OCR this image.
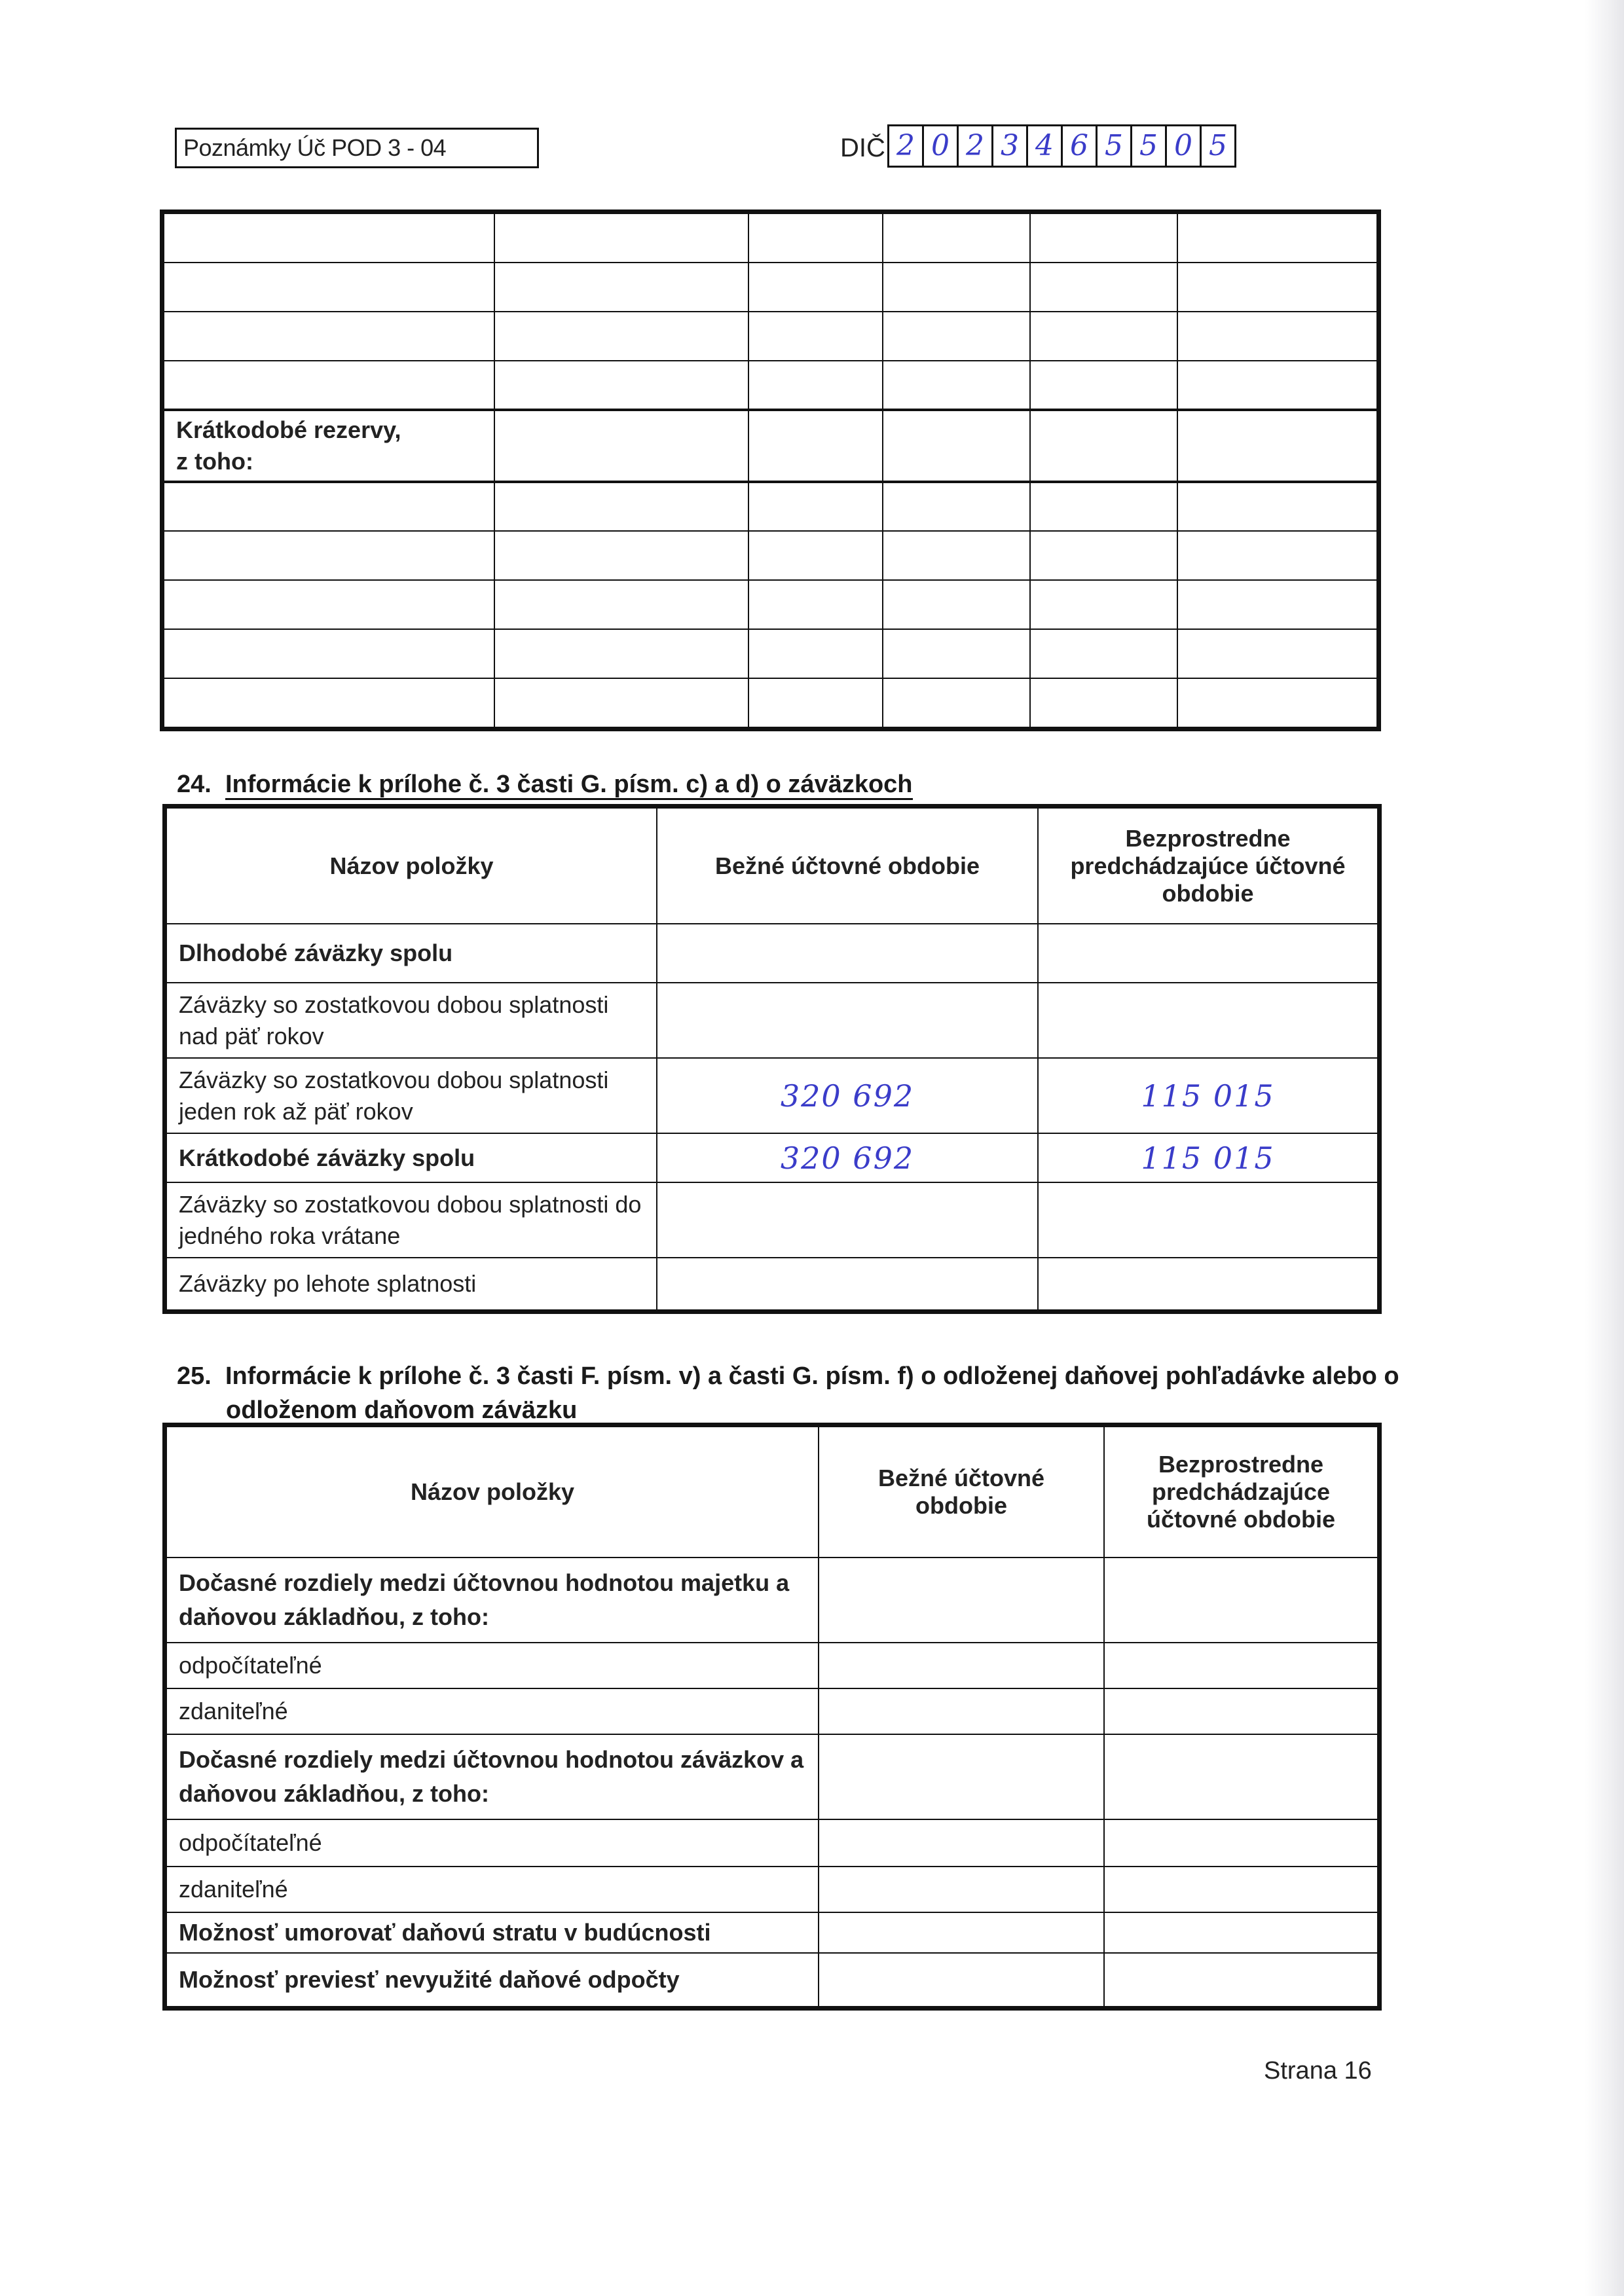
Poznámky Úč POD 3 - 04	DIČ 2 0 2 3 4 6 5 5 0 5

Krátkodobé rezervy,
z toho:					

24. Informácie k prílohe č. 3 časti G. písm. c) a d) o záväzkoch
Názov položky	Bežné účtovné obdobie	Bezprostredne predchádzajúce účtovné obdobie
Dlhodobé záväzky spolu		
Záväzky so zostatkovou dobou splatnosti nad päť rokov		
Záväzky so zostatkovou dobou splatnosti jeden rok až päť rokov	320 692	115 015
Krátkodobé záväzky spolu	320 692	115 015
Záväzky so zostatkovou dobou splatnosti do jedného roka vrátane		
Záväzky po lehote splatnosti		
25. Informácie k prílohe č. 3 časti F. písm. v) a časti G. písm. f) o odloženej daňovej pohľadávke alebo o
odloženom daňovom záväzku
Názov položky	Bežné účtovné obdobie	Bezprostredne predchádzajúce účtovné obdobie
Dočasné rozdiely medzi účtovnou hodnotou majetku a daňovou základňou, z toho:		
odpočítateľné		
zdaniteľné		
Dočasné rozdiely medzi účtovnou hodnotou záväzkov a daňovou základňou, z toho:		
odpočítateľné		
zdaniteľné		
Možnosť umorovať daňovú stratu v budúcnosti		
Možnosť previesť nevyužité daňové odpočty		
Strana 16
